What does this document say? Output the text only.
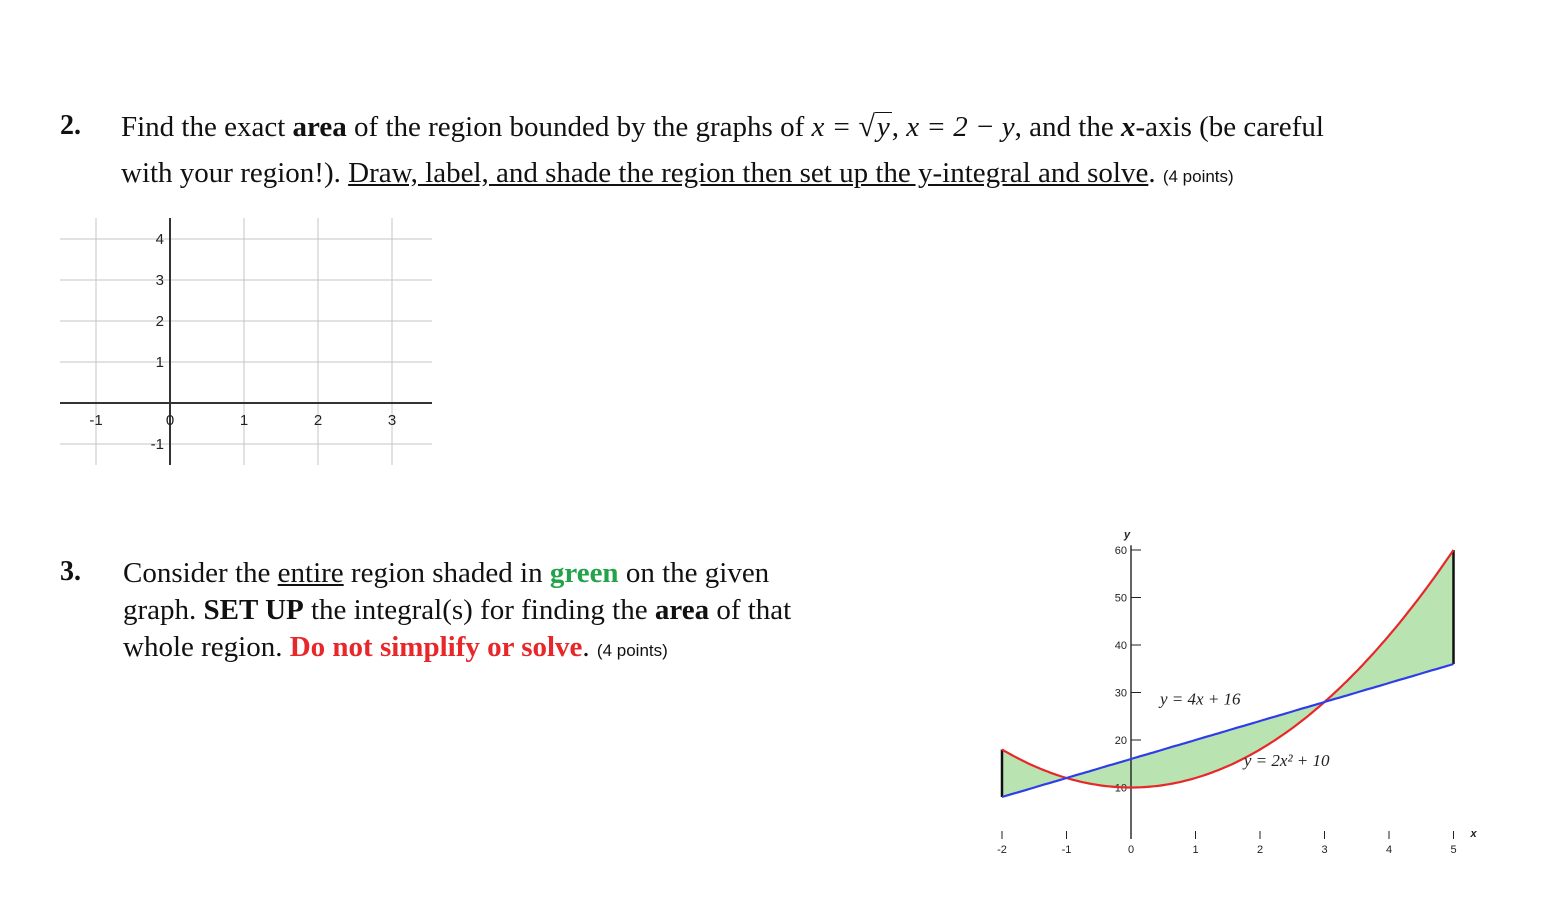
2. Find the exact area of the region bounded by the graphs of x = √y, x = 2 − y, and the x-axis (be careful
with your region!). Draw, label, and shade the region then set up the y-integral and solve. (4 points)
-1	0	1	2	3
4
3
2
1
-1
3. Consider the entire region shaded in green on the given
graph. SET UP the integral(s) for finding the area of that
whole region. Do not simplify or solve. (4 points)
-2	-1	0	1	2	3	4	5
x
10
20
30
40
50
60
y
y = 4x + 16
y = 2x² + 10
